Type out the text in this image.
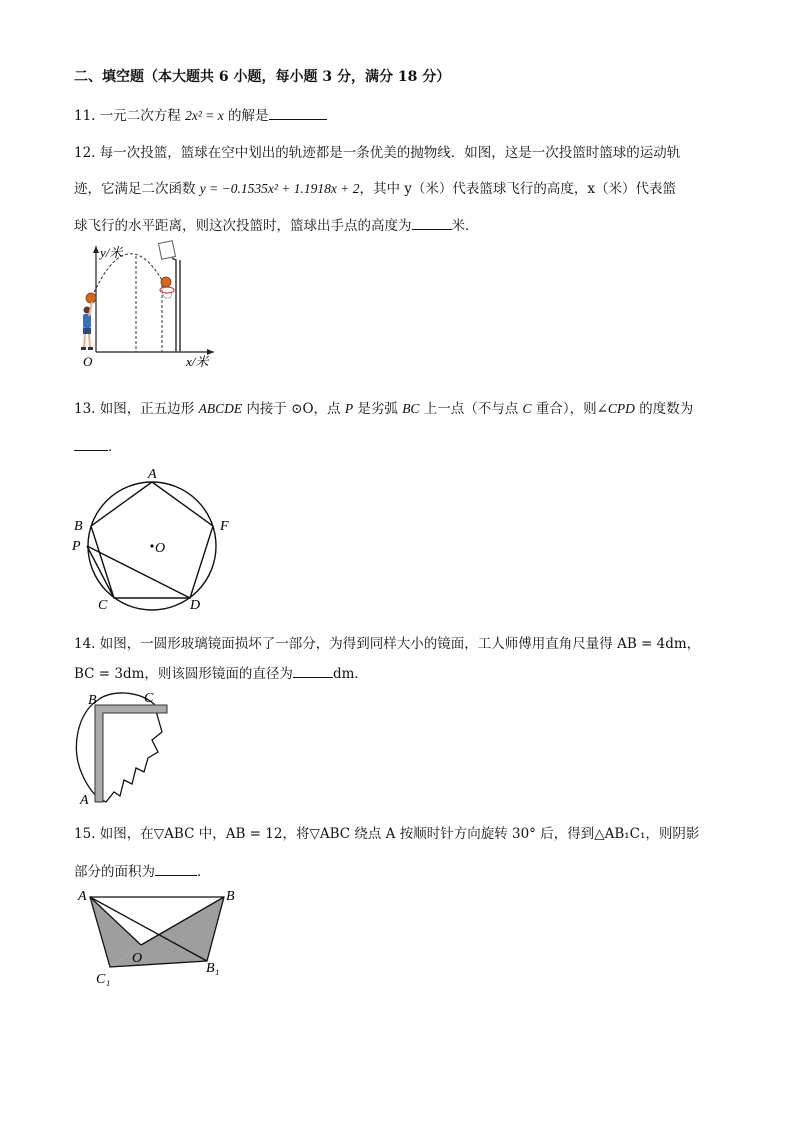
二、填空题（本大题共 6 小题，每小题 3 分，满分 18 分）
11. 一元二次方程 2x² = x 的解是
12. 每一次投篮，篮球在空中划出的轨迹都是一条优美的抛物线．如图，这是一次投篮时篮球的运动轨
迹，它满足二次函数 y = −0.1535x² + 1.1918x + 2，其中 y（米）代表篮球飞行的高度，x（米）代表篮
球飞行的水平距离，则这次投篮时，篮球出手点的高度为	米．
y/米
x/米
O
13. 如图，正五边形 ABCDE 内接于 ⊙O，点 P 是劣弧 BC 上一点（不与点 C 重合），则∠CPD 的度数为
．
A
B	F
P	O
C	D
14. 如图，一圆形玻璃镜面损坏了一部分，为得到同样大小的镜面，工人师傅用直角尺量得 AB = 4dm，
BC = 3dm，则该圆形镜面的直径为	dm．
B	C
A
15. 如图，在▽ABC 中，AB = 12，将▽ABC 绕点 A 按顺时针方向旋转 30° 后，得到△AB₁C₁，则阴影
部分的面积为	．
A	B
O
C₁
B₁
